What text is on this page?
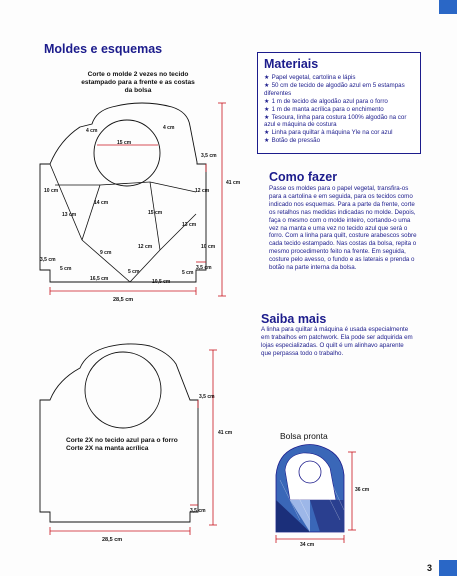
Moldes e esquemas
Corte o molde 2 vezes no tecido estampado para a frente e as costas da bolsa
4 cm	4 cm
15 cm
3,5 cm
41 cm
3,5 cm
28,5 cm
10 cm
13 cm
14 cm
15 cm
13 cm
12 cm
9 cm
12 cm	10 cm
3,5 cm
5 cm	5 cm
16,5 cm	10,5 cm
5 cm
Corte 2X no tecido azul para o forro
Corte 2X na manta acrílica
3,5 cm
41 cm
3,5 cm
28,5 cm
Materiais
★ Papel vegetal, cartolina e lápis
★ 50 cm de tecido de algodão azul em 5 estampas diferentes
★ 1 m de tecido de algodão azul para o forro
★ 1 m de manta acrílica para o enchimento
★ Tesoura, linha para costura 100% algodão na cor azul e máquina de costura
★ Linha para quiltar à máquina Yle na cor azul
★ Botão de pressão
Como fazer
Passe os moldes para o papel vegetal, transfira-os para a cartolina e em seguida, para os tecidos como indicado nos esquemas. Para a parte da frente, corte os retalhos nas medidas indicadas no molde. Depois, faça o mesmo com o molde inteiro, cortando-o uma vez na manta e uma vez no tecido azul que será o forro. Com a linha para quilt, costure arabescos sobre cada tecido estampado. Nas costas da bolsa, repita o mesmo procedimento feito na frente. Em seguida, costure pelo avesso, o fundo e as laterais e prenda o botão na parte interna da bolsa.
Saiba mais
A linha para quiltar à máquina é usada especialmente em trabalhos em patchwork. Ela pode ser adquirida em lojas especializadas. O quilt é um alinhavo aparente que perpassa todo o trabalho.
Bolsa pronta
36 cm
34 cm
3
